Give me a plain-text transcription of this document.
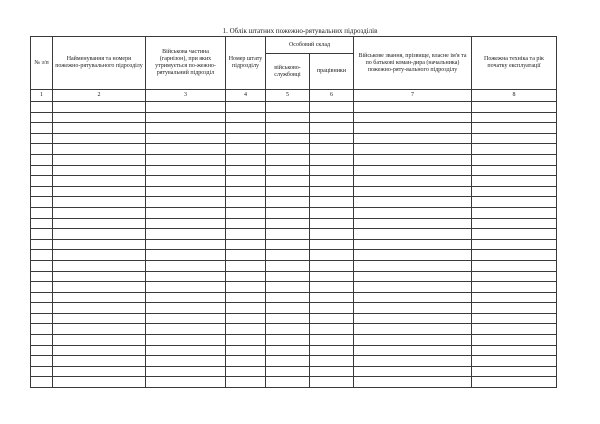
1. Облік штатних пожежно-рятувальних підрозділів
№ з/п	Найменування та номери пожежно-рятувального підрозділу	Військова частина (гарнізон), при яких утримується по-жежно-рятувальний підрозділ	Номер штату підрозділу	Особовий склад		Військове звання, прізвище, власне ім'я та по батькові коман-дира (начальника) пожежно-ряту-вального підрозділу	Пожежна техніка та рік початку експлуатації

				військово-службовці	працівники		

1	2	3	4	5	6	7	8
